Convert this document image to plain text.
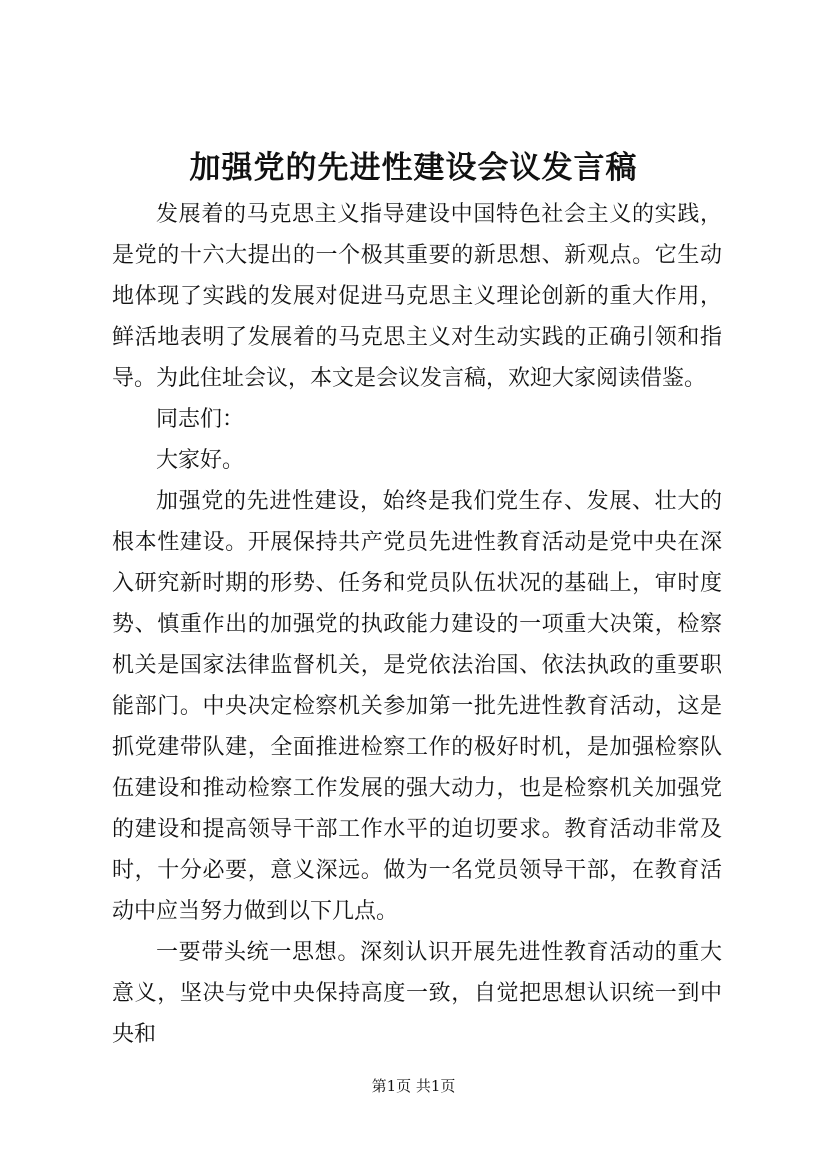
加强党的先进性建设会议发言稿

发展着的马克思主义指导建设中国特色社会主义的实践，是党的十六大提出的一个极其重要的新思想、新观点。它生动地体现了实践的发展对促进马克思主义理论创新的重大作用，鲜活地表明了发展着的马克思主义对生动实践的正确引领和指导。为此住址会议，本文是会议发言稿，欢迎大家阅读借鉴。

同志们：

大家好。

加强党的先进性建设，始终是我们党生存、发展、壮大的根本性建设。开展保持共产党员先进性教育活动是党中央在深入研究新时期的形势、任务和党员队伍状况的基础上，审时度势、慎重作出的加强党的执政能力建设的一项重大决策，检察机关是国家法律监督机关，是党依法治国、依法执政的重要职能部门。中央决定检察机关参加第一批先进性教育活动，这是抓党建带队建，全面推进检察工作的极好时机，是加强检察队伍建设和推动检察工作发展的强大动力，也是检察机关加强党的建设和提高领导干部工作水平的迫切要求。教育活动非常及时，十分必要，意义深远。做为一名党员领导干部，在教育活动中应当努力做到以下几点。

一要带头统一思想。深刻认识开展先进性教育活动的重大意义，坚决与党中央保持高度一致，自觉把思想认识统一到中央和

第1页 共1页
